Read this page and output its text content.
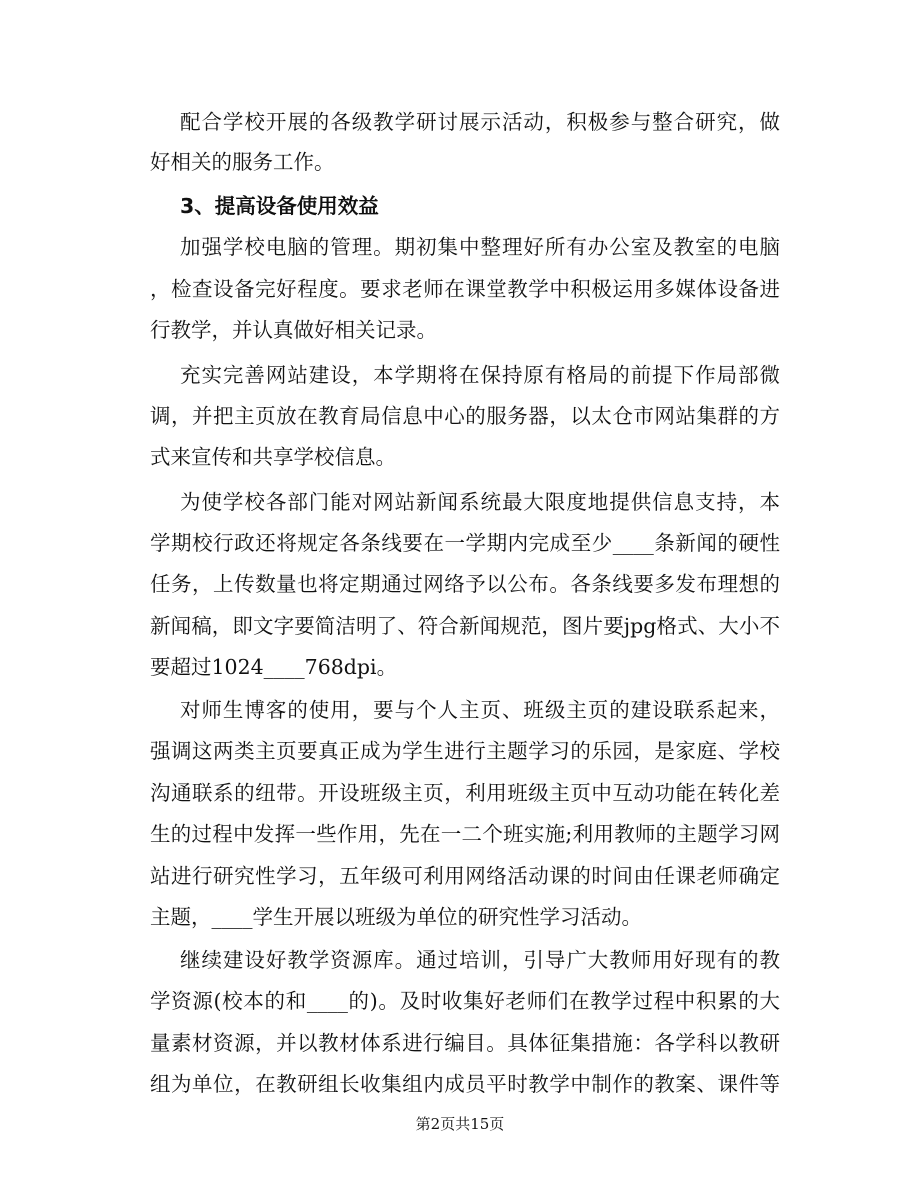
配合学校开展的各级教学研讨展示活动，积极参与整合研究，做
好相关的服务工作。
3、提高设备使用效益
加强学校电脑的管理。期初集中整理好所有办公室及教室的电脑
，检查设备完好程度。要求老师在课堂教学中积极运用多媒体设备进
行教学，并认真做好相关记录。
充实完善网站建设，本学期将在保持原有格局的前提下作局部微
调，并把主页放在教育局信息中心的服务器，以太仓市网站集群的方
式来宣传和共享学校信息。
为使学校各部门能对网站新闻系统最大限度地提供信息支持，本
学期校行政还将规定各条线要在一学期内完成至少____条新闻的硬性
任务，上传数量也将定期通过网络予以公布。各条线要多发布理想的
新闻稿，即文字要简洁明了、符合新闻规范，图片要jpg格式、大小不
要超过1024____768dpi。
对师生博客的使用，要与个人主页、班级主页的建设联系起来，
强调这两类主页要真正成为学生进行主题学习的乐园，是家庭、学校
沟通联系的纽带。开设班级主页，利用班级主页中互动功能在转化差
生的过程中发挥一些作用，先在一二个班实施;利用教师的主题学习网
站进行研究性学习，五年级可利用网络活动课的时间由任课老师确定
主题，____学生开展以班级为单位的研究性学习活动。
继续建设好教学资源库。通过培训，引导广大教师用好现有的教
学资源(校本的和____的)。及时收集好老师们在教学过程中积累的大
量素材资源，并以教材体系进行编目。具体征集措施：各学科以教研
组为单位，在教研组长收集组内成员平时教学中制作的教案、课件等
第2页共15页
